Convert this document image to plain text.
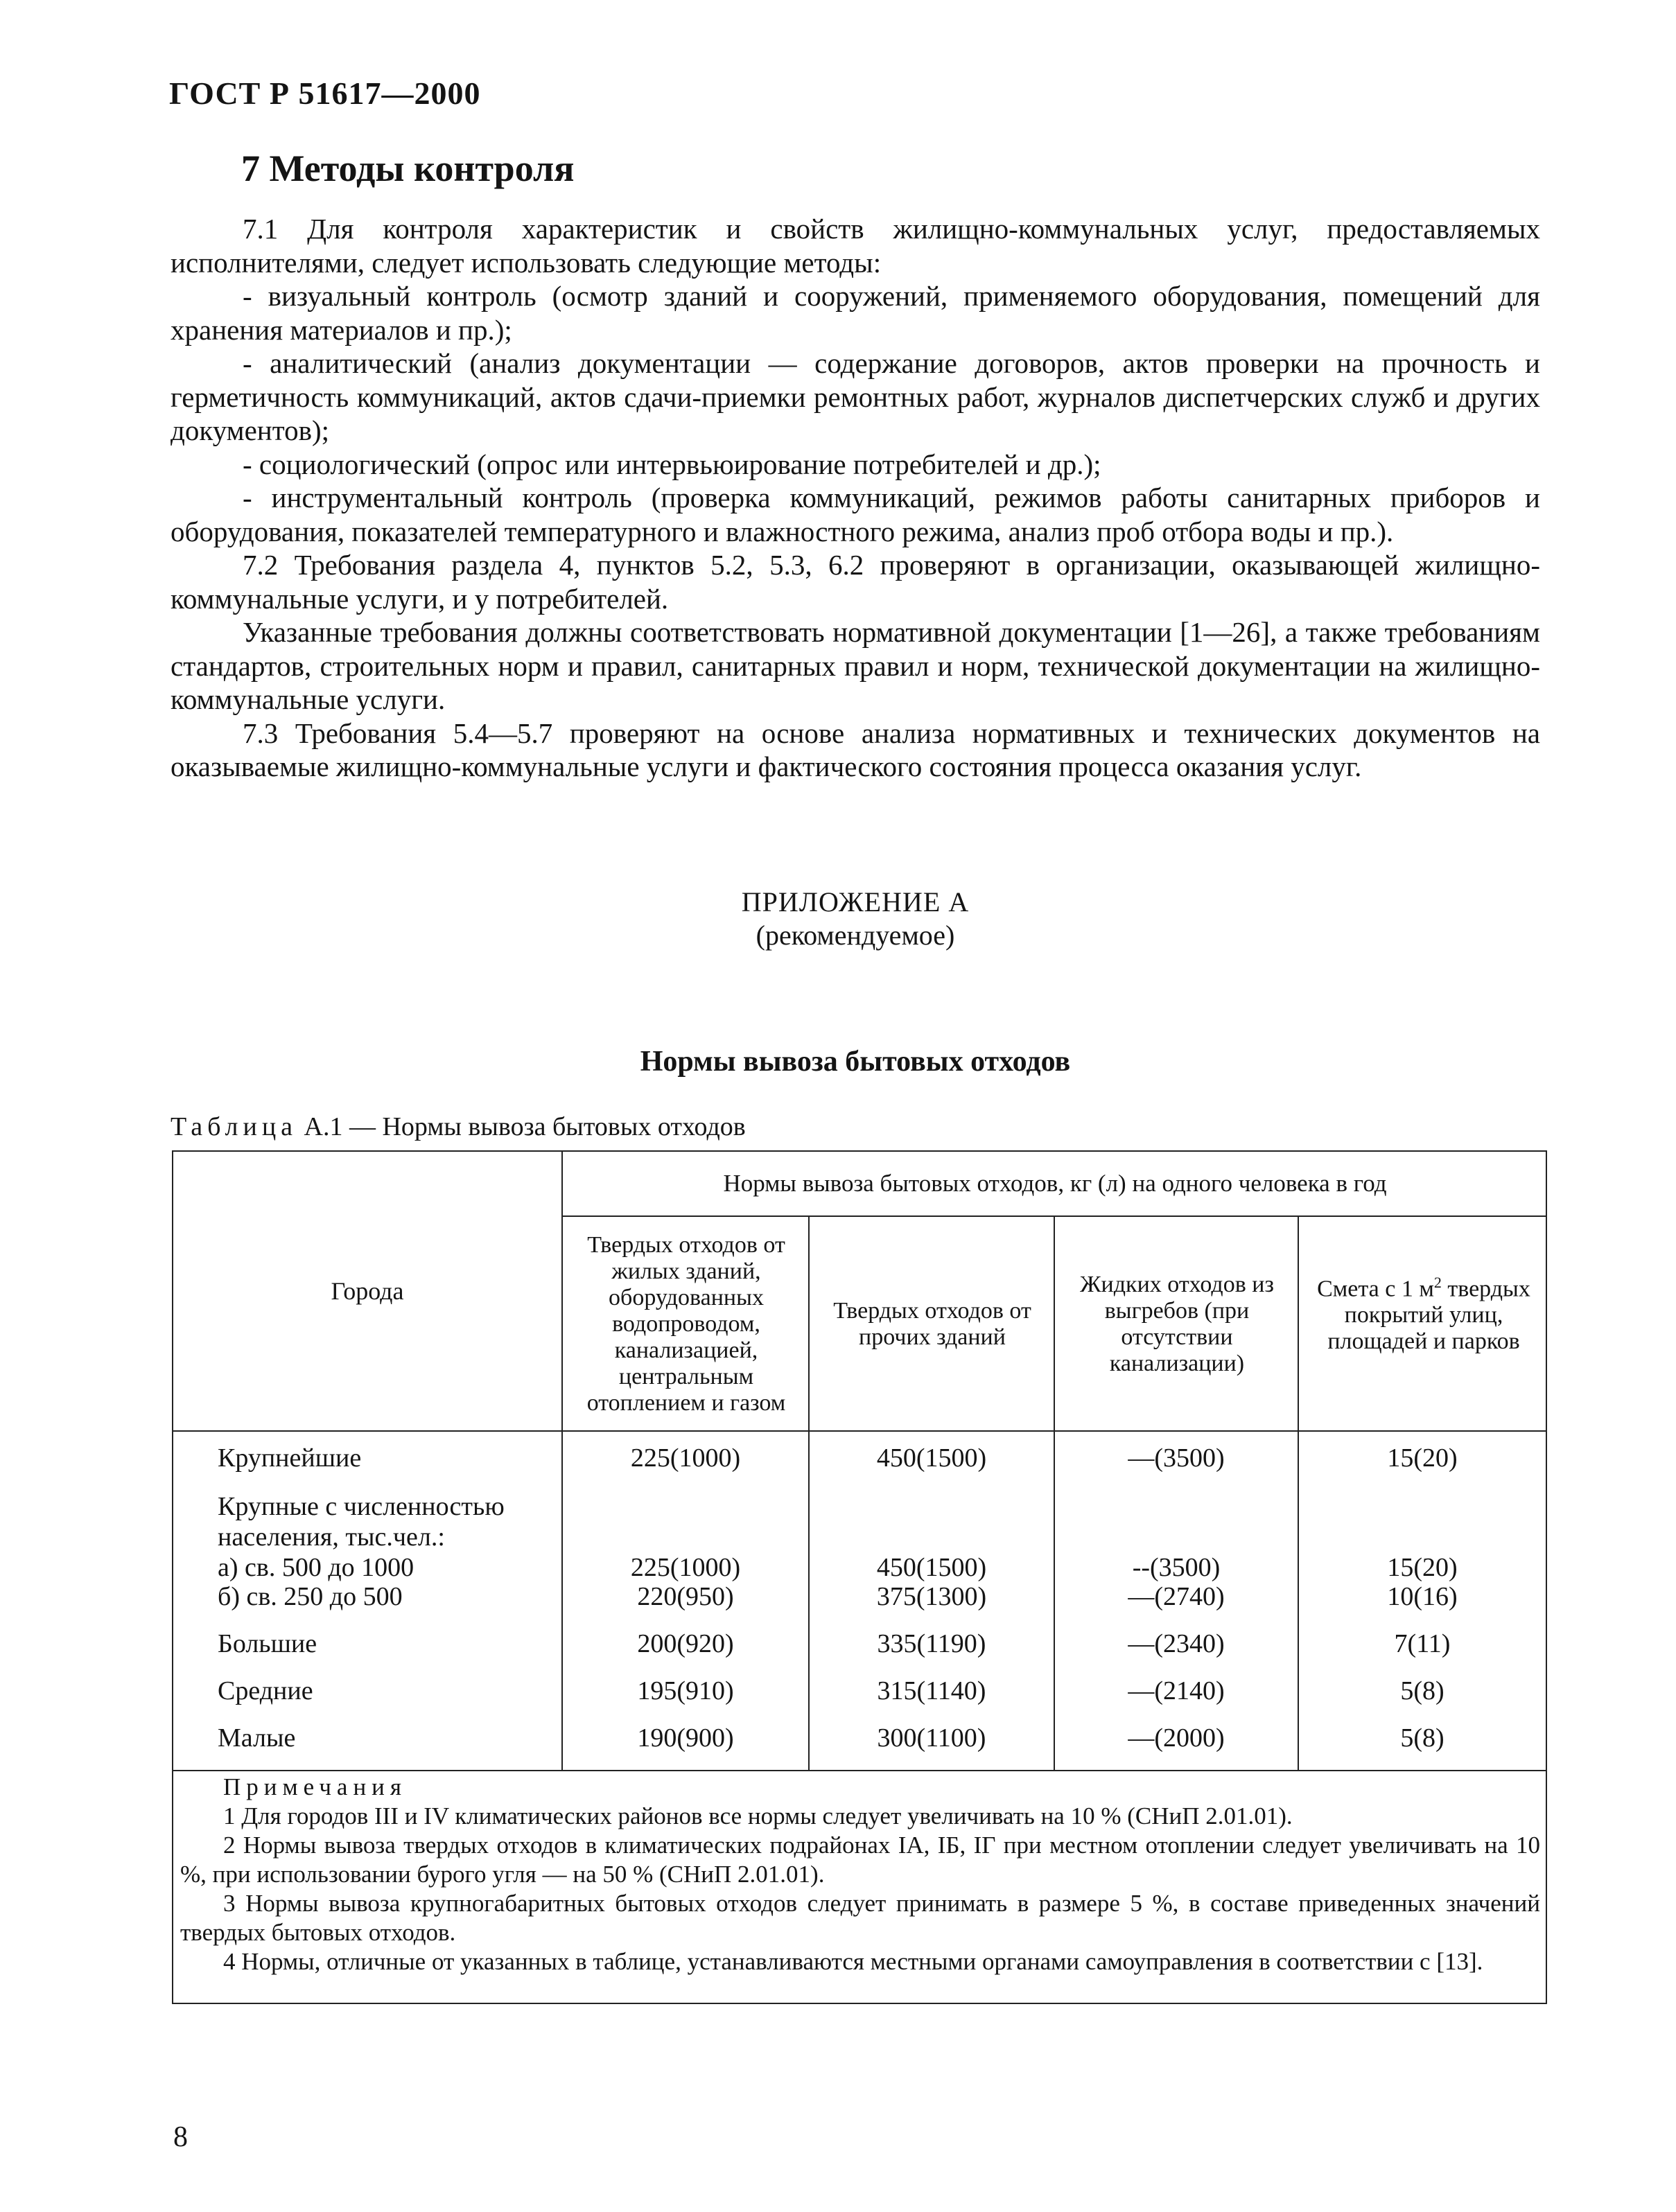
ГОСТ Р 51617—2000
7 Методы контроля

7.1 Для контроля характеристик и свойств жилищно-коммунальных услуг, предоставляемых исполнителями, следует использовать следующие методы:

- визуальный контроль (осмотр зданий и сооружений, применяемого оборудования, помещений для хранения материалов и пр.);

- аналитический (анализ документации — содержание договоров, актов проверки на прочность и герметичность коммуникаций, актов сдачи-приемки ремонтных работ, журналов диспетчерских служб и других документов);

- социологический (опрос или интервьюирование потребителей и др.);

- инструментальный контроль (проверка коммуникаций, режимов работы санитарных приборов и оборудования, показателей температурного и влажностного режима, анализ проб отбора воды и пр.).

7.2 Требования раздела 4, пунктов 5.2, 5.3, 6.2 проверяют в организации, оказывающей жилищно-коммунальные услуги, и у потребителей.

Указанные требования должны соответствовать нормативной документации [1—26], а также требованиям стандартов, строительных норм и правил, санитарных правил и норм, технической документации на жилищно-коммунальные услуги.

7.3 Требования 5.4—5.7 проверяют на основе анализа нормативных и технических документов на оказываемые жилищно-коммунальные услуги и фактического состояния процесса оказания услуг.

ПРИЛОЖЕНИЕ А
(рекомендуемое)
Нормы вывоза бытовых отходов
Таблица А.1 — Нормы вывоза бытовых отходов
Города
Нормы вывоза бытовых отходов, кг (л) на одного человека в год
Твердых отходов от жилых зданий, оборудованных водопроводом, канализацией, центральным отоплением и газом
Твердых отходов от прочих зданий
Жидких отходов из выгребов (при отсутствии канализации)
Смета с 1 $м^2$ твердых покрытий улиц, площадей и парков
Крупнейшие	225(1000)	450(1500)	—(3500)	15(20)
Крупные с численностью
населения, тыс.чел.:
а) св. 500 до 1000	225(1000)	450(1500)	--(3500)	15(20)
б) св. 250 до 500	220(950)	375(1300)	—(2740)	10(16)
Большие	200(920)	335(1190)	—(2340)	7(11)
Средние	195(910)	315(1140)	—(2140)	5(8)
Малые	190(900)	300(1100)	—(2000)	5(8)

Примечания

1 Для городов III и IV климатических районов все нормы следует увеличивать на 10 % (СНиП 2.01.01).

2 Нормы вывоза твердых отходов в климатических подрайонах IA, IБ, IГ при местном отоплении следует увеличивать на 10 %, при использовании бурого угля — на 50 % (СНиП 2.01.01).

3 Нормы вывоза крупногабаритных бытовых отходов следует принимать в размере 5 %, в составе приведенных значений твердых бытовых отходов.

4 Нормы, отличные от указанных в таблице, устанавливаются местными органами самоуправления в соответствии с [13].

8
